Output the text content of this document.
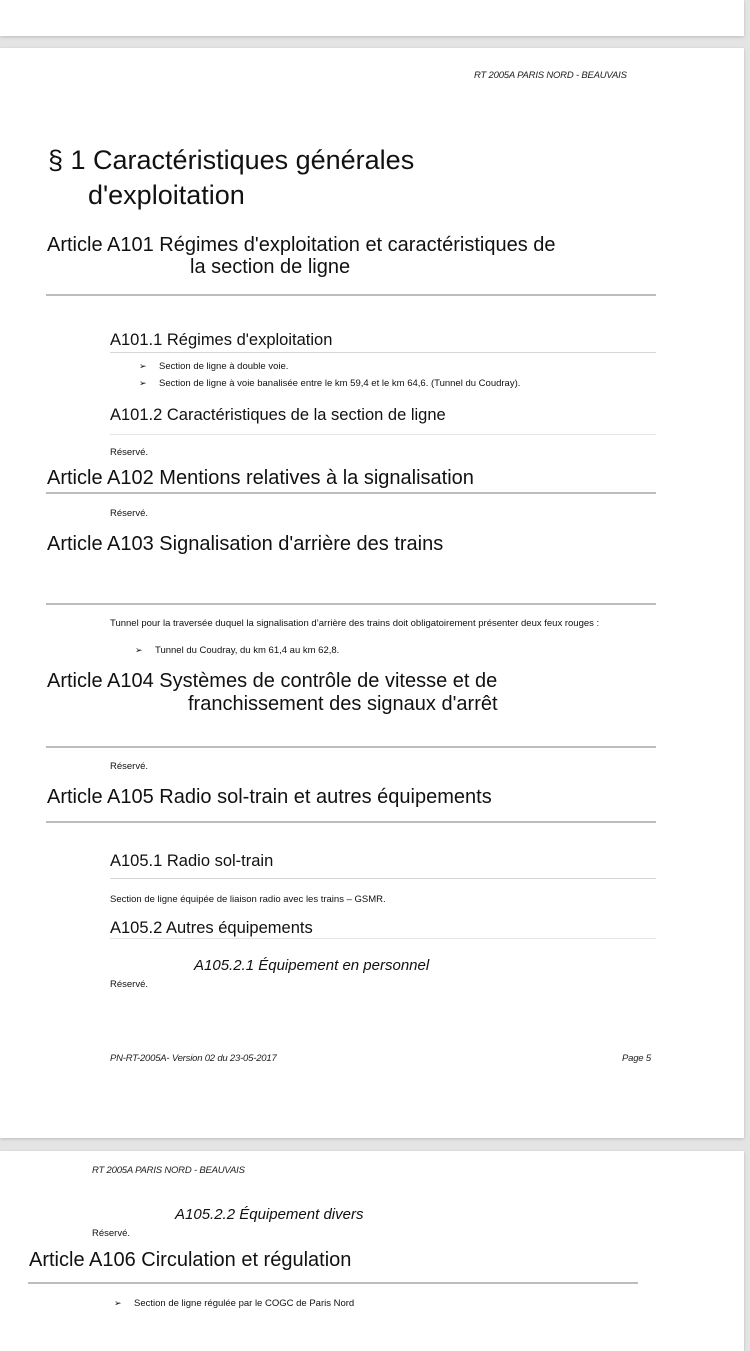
RT 2005A PARIS NORD - BEAUVAIS
§ 1 Caractéristiques générales
d'exploitation
Article A101 Régimes d'exploitation et caractéristiques de
la section de ligne
A101.1 Régimes d'exploitation
➢ Section de ligne à double voie.
➢ Section de ligne à voie banalisée entre le km 59,4 et le km 64,6. (Tunnel du Coudray).
A101.2 Caractéristiques de la section de ligne
Réservé.
Article A102 Mentions relatives à la signalisation
Réservé.
Article A103 Signalisation d'arrière des trains
Tunnel pour la traversée duquel la signalisation d’arrière des trains doit obligatoirement présenter deux feux rouges :
➢ Tunnel du Coudray, du km 61,4 au km 62,8.
Article A104 Systèmes de contrôle de vitesse et de
franchissement des signaux d'arrêt
Réservé.
Article A105 Radio sol-train et autres équipements
A105.1 Radio sol-train
Section de ligne équipée de liaison radio avec les trains – GSMR.
A105.2 Autres équipements
A105.2.1 Équipement en personnel
Réservé.
PN-RT-2005A- Version 02 du 23-05-2017	Page 5
RT 2005A PARIS NORD - BEAUVAIS
A105.2.2 Équipement divers
Réservé.
Article A106 Circulation et régulation
➢ Section de ligne régulée par le COGC de Paris Nord
